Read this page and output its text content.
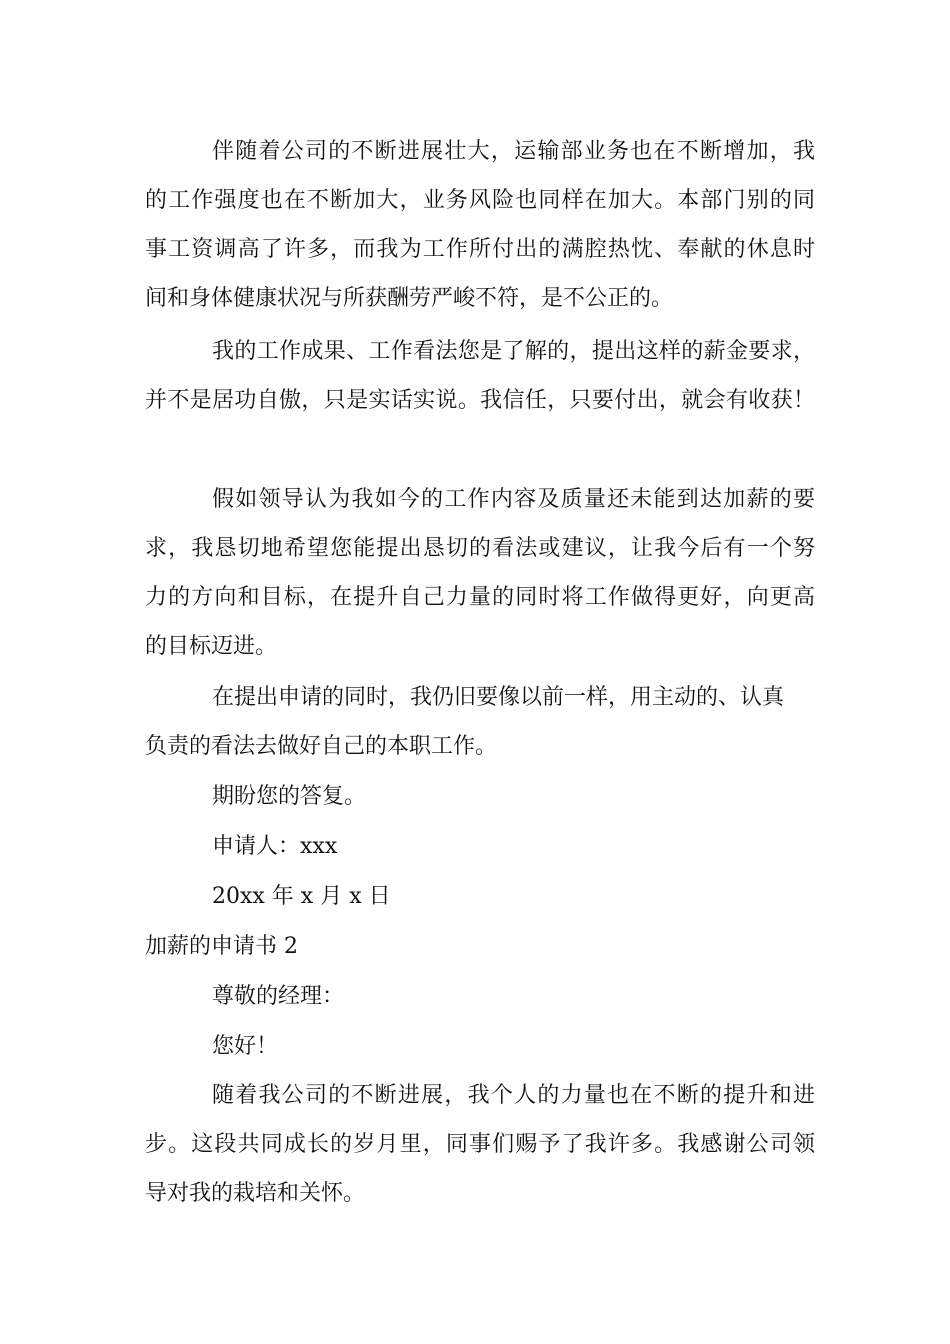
伴随着公司的不断进展壮大，运输部业务也在不断增加，我
的工作强度也在不断加大，业务风险也同样在加大。本部门别的同
事工资调高了许多，而我为工作所付出的满腔热忱、奉献的休息时
间和身体健康状况与所获酬劳严峻不符，是不公正的。
我的工作成果、工作看法您是了解的，提出这样的薪金要求，
并不是居功自傲，只是实话实说。我信任，只要付出，就会有收获！
假如领导认为我如今的工作内容及质量还未能到达加薪的要
求，我恳切地希望您能提出恳切的看法或建议，让我今后有一个努
力的方向和目标，在提升自己力量的同时将工作做得更好，向更高
的目标迈进。
在提出申请的同时，我仍旧要像以前一样，用主动的、认真
负责的看法去做好自己的本职工作。
期盼您的答复。
申请人：xxx
20xx 年 x 月 x 日
加薪的申请书 2
尊敬的经理：
您好！
随着我公司的不断进展，我个人的力量也在不断的提升和进
步。这段共同成长的岁月里，同事们赐予了我许多。我感谢公司领
导对我的栽培和关怀。
